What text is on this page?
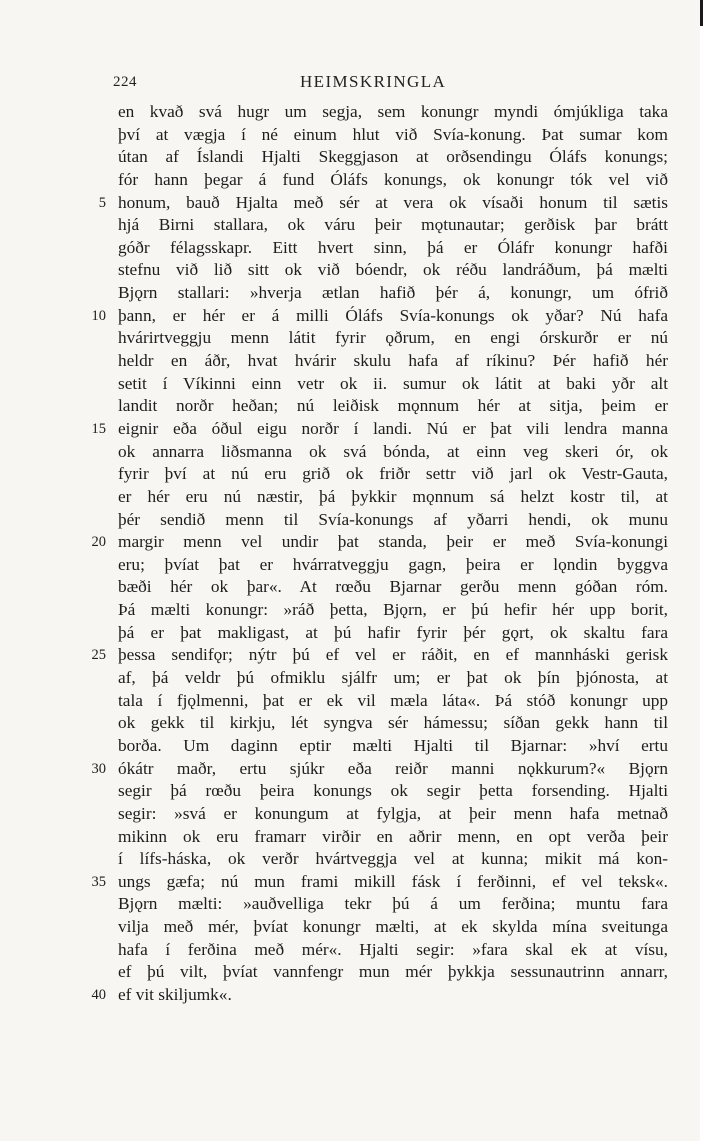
224	HEIMSKRINGLA
en kvað svá hugr um segja, sem konungr myndi ómjúkliga taka
því at vægja í né einum hlut við Svía-konung. Þat sumar kom
útan af Íslandi Hjalti Skeggjason at orðsendingu Óláfs konungs;
fór hann þegar á fund Óláfs konungs, ok konungr tók vel við
5 honum, bauð Hjalta með sér at vera ok vísaði honum til sætis
hjá Birni stallara, ok váru þeir mǫtunautar; gerðisk þar brátt
góðr félagsskapr. Eitt hvert sinn, þá er Óláfr konungr hafði
stefnu við lið sitt ok við bóendr, ok réðu landráðum, þá mælti
Bjǫrn stallari: »hverja ætlan hafið þér á, konungr, um ófrið
10 þann, er hér er á milli Óláfs Svía-konungs ok yðar? Nú hafa
hvárirtveggju menn látit fyrir ǫðrum, en engi órskurðr er nú
heldr en áðr, hvat hvárir skulu hafa af ríkinu? Þér hafið hér
setit í Víkinni einn vetr ok ii. sumur ok látit at baki yðr alt
landit norðr heðan; nú leiðisk mǫnnum hér at sitja, þeim er
15 eignir eða óðul eigu norðr í landi. Nú er þat vili lendra manna
ok annarra liðsmanna ok svá bónda, at einn veg skeri ór, ok
fyrir því at nú eru grið ok friðr settr við jarl ok Vestr-Gauta,
er hér eru nú næstir, þá þykkir mǫnnum sá helzt kostr til, at
þér sendið menn til Svía-konungs af yðarri hendi, ok munu
20 margir menn vel undir þat standa, þeir er með Svía-konungi
eru; þvíat þat er hvárratveggju gagn, þeira er lǫndin byggva
bæði hér ok þar«. At rœðu Bjarnar gerðu menn góðan róm.
Þá mælti konungr: »ráð þetta, Bjǫrn, er þú hefir hér upp borit,
þá er þat makligast, at þú hafir fyrir þér gǫrt, ok skaltu fara
25 þessa sendifǫr; nýtr þú ef vel er ráðit, en ef mannháski gerisk
af, þá veldr þú ofmiklu sjálfr um; er þat ok þín þjónosta, at
tala í fjǫlmenni, þat er ek vil mæla láta«. Þá stóð konungr upp
ok gekk til kirkju, lét syngva sér hámessu; síðan gekk hann til
borða. Um daginn eptir mælti Hjalti til Bjarnar: »hví ertu
30 ókátr maðr, ertu sjúkr eða reiðr manni nǫkkurum?« Bjǫrn
segir þá rœðu þeira konungs ok segir þetta forsending. Hjalti
segir: »svá er konungum at fylgja, at þeir menn hafa metnað
mikinn ok eru framarr virðir en aðrir menn, en opt verða þeir
í lífs-háska, ok verðr hvártveggja vel at kunna; mikit má kon-
35 ungs gæfa; nú mun frami mikill fásk í ferðinni, ef vel teksk«.
Bjǫrn mælti: »auðvelliga tekr þú á um ferðina; muntu fara
vilja með mér, þvíat konungr mælti, at ek skylda mína sveitunga
hafa í ferðina með mér«. Hjalti segir: »fara skal ek at vísu,
ef þú vilt, þvíat vannfengr mun mér þykkja sessunautrinn annarr,
40 ef vit skiljumk«.
